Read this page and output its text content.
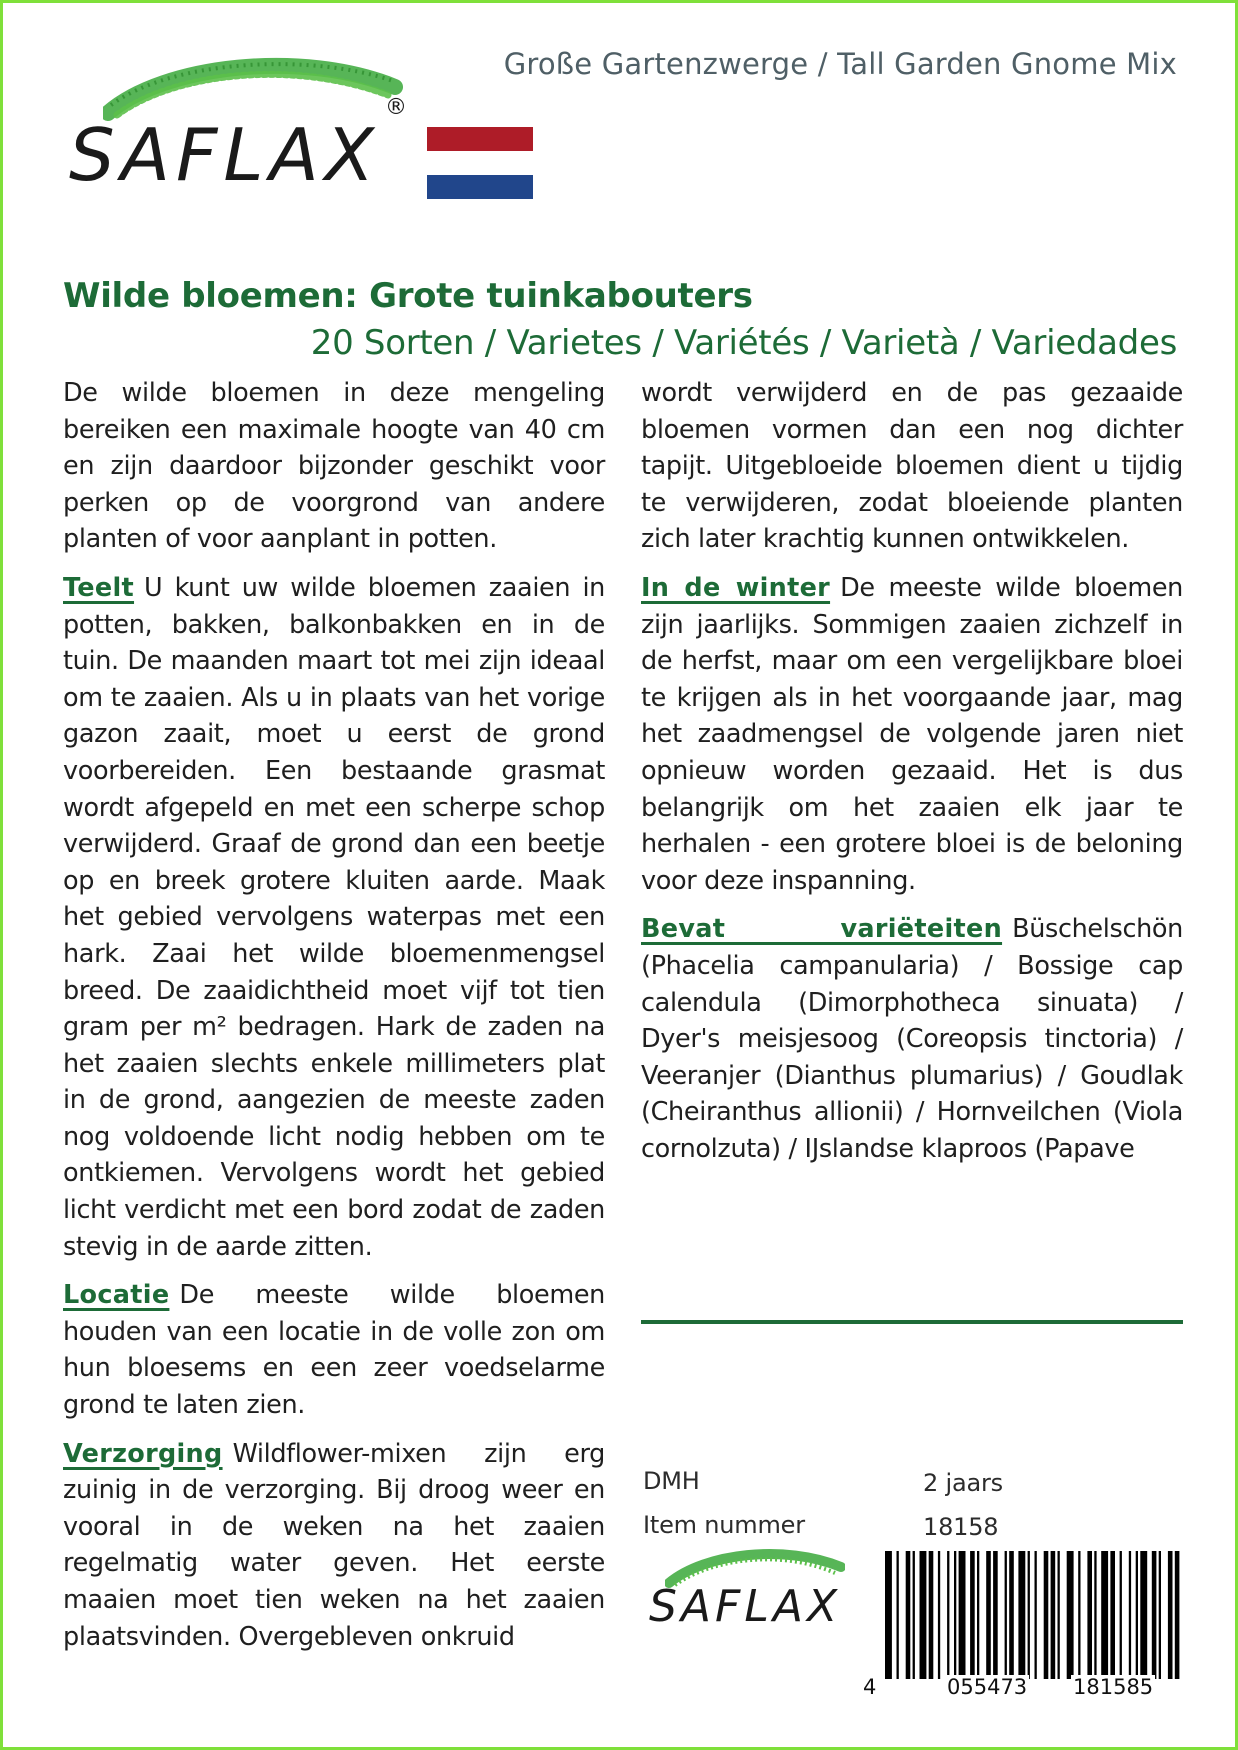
Große Gartenzwerge / Tall Garden Gnome Mix
®
SAFLAX
Wilde bloemen: Grote tuinkabouters
20 Sorten / Varietes / Variétés / Varietà / Variedades

De wilde bloemen in deze mengeling bereiken een maximale hoogte van 40 cm en zijn daardoor bijzonder geschikt voor perken op de voorgrond van andere planten of voor aanplant in potten.

Teelt U kunt uw wilde bloemen zaaien in potten, bakken, balkonbakken en in de tuin. De maanden maart tot mei zijn ideaal om te zaaien. Als u in plaats van het vorige gazon zaait, moet u eerst de grond voorbereiden. Een bestaande grasmat wordt afgepeld en met een scherpe schop verwijderd. Graaf de grond dan een beetje op en breek grotere kluiten aarde. Maak het gebied vervolgens waterpas met een hark. Zaai het wilde bloemenmengsel breed. De zaaidichtheid moet vijf tot tien gram per m² bedragen. Hark de zaden na het zaaien slechts enkele millimeters plat in de grond, aangezien de meeste zaden nog voldoende licht nodig hebben om te ontkiemen. Vervolgens wordt het gebied licht verdicht met een bord zodat de zaden stevig in de aarde zitten.

Locatie De meeste wilde bloemen houden van een locatie in de volle zon om hun bloesems en een zeer voedselarme grond te laten zien.

Verzorging Wildflower-mixen zijn erg zuinig in de verzorging. Bij droog weer en vooral in de weken na het zaaien regelmatig water geven. Het eerste maaien moet tien weken na het zaaien plaatsvinden. Overgebleven onkruid

wordt verwijderd en de pas gezaaide bloemen vormen dan een nog dichter tapijt. Uitgebloeide bloemen dient u tijdig te verwijderen, zodat bloeiende planten zich later krachtig kunnen ontwikkelen.

In de winter De meeste wilde bloemen zijn jaarlijks. Sommigen zaaien zichzelf in de herfst, maar om een vergelijkbare bloei te krijgen als in het voorgaande jaar, mag het zaadmengsel de volgende jaren niet opnieuw worden gezaaid. Het is dus belangrijk om het zaaien elk jaar te herhalen - een grotere bloei is de beloning voor deze inspanning.

Bevat variëteiten Büschelschön (Phacelia campanularia) / Bossige cap calendula (Dimorphotheca sinuata) / Dyer's meisjesoog (Coreopsis tinctoria) / Veeranjer (Dianthus plumarius) / Goudlak (Cheiranthus allionii) / Hornveilchen (Viola cornolzuta) / IJslandse klaproos (Papave

DMH	2 jaars
Item nummer	18158
SAFLAX
4	055473 181585
